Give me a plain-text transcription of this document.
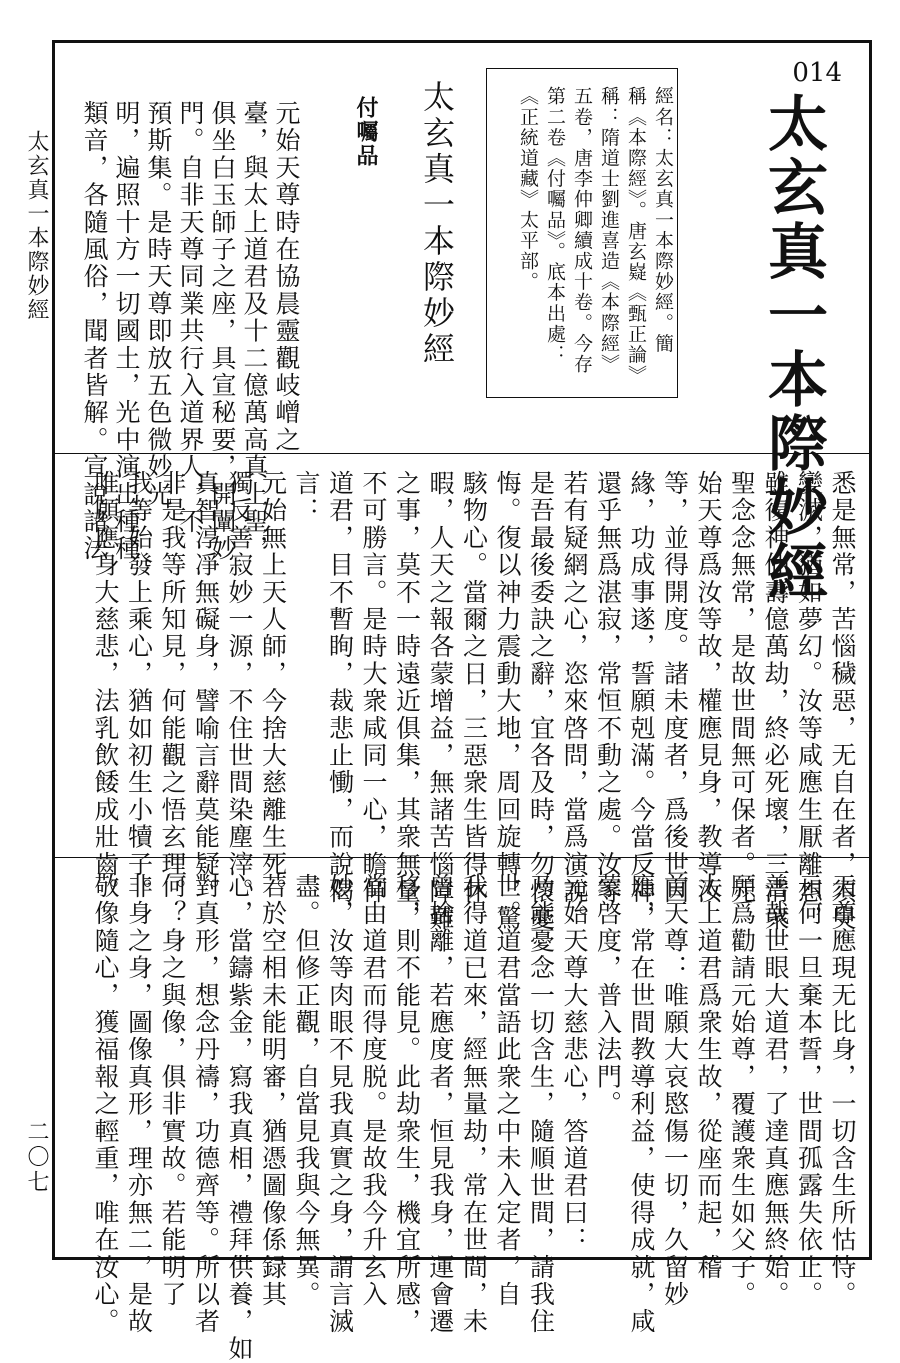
太玄真一本際妙經
二〇七
014
太玄真一本際妙經
經名：太玄真一本際妙經。簡
稱《本際經》。唐玄嶷《甄正論》
稱：隋道士劉進喜造《本際經》
五卷，唐李仲卿續成十卷。今存
第二卷《付囑品》。底本出處：
《正統道藏》太平部。
太玄真一本際妙經
付囑品
元始天尊時在協晨靈觀岐嶒之
臺，與太上道君及十二億萬高真上聖，
俱坐白玉師子之座，具宣秘要，開闡妙
門。自非天尊同業共行入道界人，不
預斯集。是時天尊即放五色微妙光
明，遍照十方一切國土，光中演出種種
類音，各隨風俗，聞者皆解。宣說諸法
悉是無常，苦惱穢惡，无自在者，須臾
變滅，猶如夢幻。汝等咸應生厭離想，
雖復神仙壽億萬劫，終必死壞，三清衆
聖念念無常，是故世間無可保者。元
始天尊爲汝等故，權應見身，教導汝
等，並得開度。諸未度者，爲後世因
緣，功成事遂，誓願剋滿。今當反神，
還乎無爲湛寂，常恒不動之處。汝等
若有疑網之心，恣來啓問，當爲演說。
是吾最後委訣之辭，宜各及時，勿懷憂
悔。復以神力震動大地，周回旋轉，驚
駭物心。當爾之日，三惡衆生皆得休
暇，人天之報各蒙增益，無諸苦惱障難
之事，莫不一時遠近俱集，其衆無量，
不可勝言。是時大衆咸同一心，瞻仰
道君，目不暫眴，裁悲止慟，而說偈
言：
元始無上天人師，今捨大慈離生死。
獨反善寂妙一源，不住世間染塵滓。
真智淳凈無礙身，譬喻言辭莫能疑。
非是我等所知見，何能觀之悟玄理。
我等始發上乘心，猶如初生小犢子。
唯願應身大慈悲，法乳飲餧成壯齒。
天尊應現无比身，一切含生所怙恃。
云何一旦棄本誓，世間孤露失依止。
善哉世眼大道君，了達真應無終始。
願爲勸請元始尊，覆護衆生如父子。
太上道君爲衆生故，從座而起，稽
首天尊：唯願大哀愍傷一切，久留妙
應，常在世間教導利益，使得成就，咸
蒙啓度，普入法門。
元始天尊大慈悲心，答道君曰：
乃能憂念一切含生，隨順世間，請我住
世。道君當語此衆之中未入定者，自
我得道已來，經無量劫，常在世間，未
曾捨離，若應度者，恒見我身，運會遷
移，則不能見。此劫衆生，機宜所感，
當由道君而得度脱。是故我今升玄入
妙，汝等肉眼不見我真實之身，謂言滅
盡。但修正觀，自當見我與今無異。
若於空相未能明審，猶憑圖像係録其
心，當鑄紫金，寫我真相，禮拜供養，如
對真形，想念丹禱，功德齊等。所以者
何？身之與像，俱非實故。若能明了
非身之身，圖像真形，理亦無二，是故
敬像隨心，獲福報之輕重，唯在汝心。
